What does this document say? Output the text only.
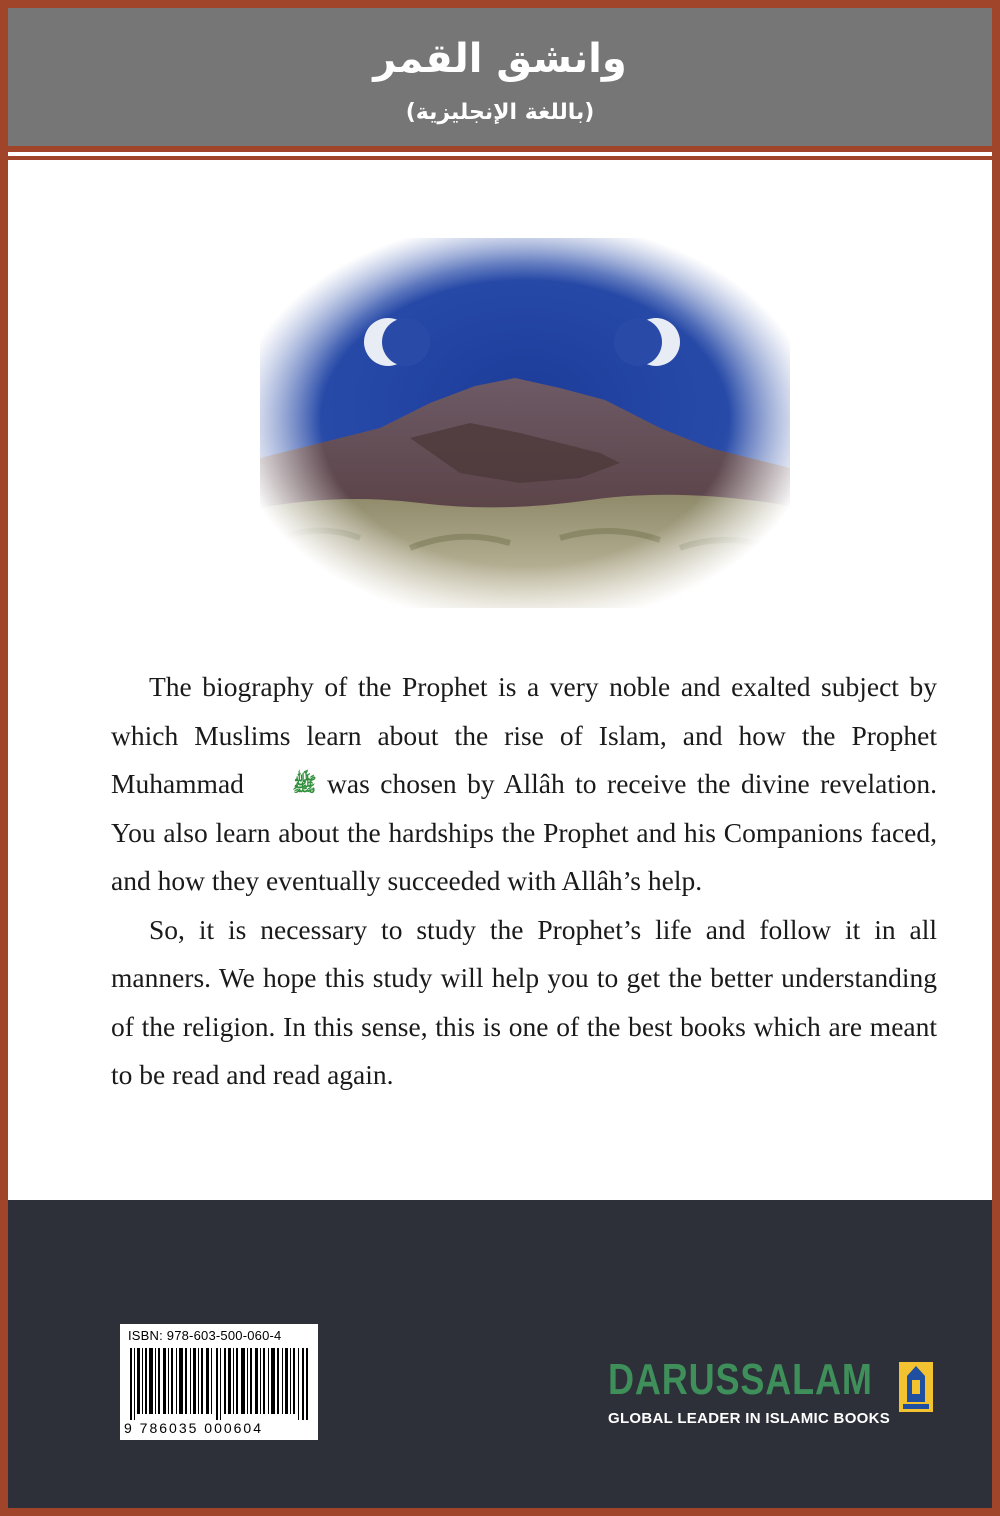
وانشق القمر
(باللغة الإنجليزية)

The biography of the Prophet is a very noble and exalted subject by which Muslims learn about the rise of Islam, and how the Prophet Muhammad ﷺ was chosen by Allâh to receive the divine revelation. You also learn about the hardships the Prophet and his Companions faced, and how they eventually succeeded with Allâh’s help.

So, it is necessary to study the Prophet’s life and follow it in all manners. We hope this study will help you to get the better understanding of the religion. In this sense, this is one of the best books which are meant to be read and read again.

ISBN: 978-603-500-060-4
9 786035 000604
DARUSSALAM
GLOBAL LEADER IN ISLAMIC BOOKS
